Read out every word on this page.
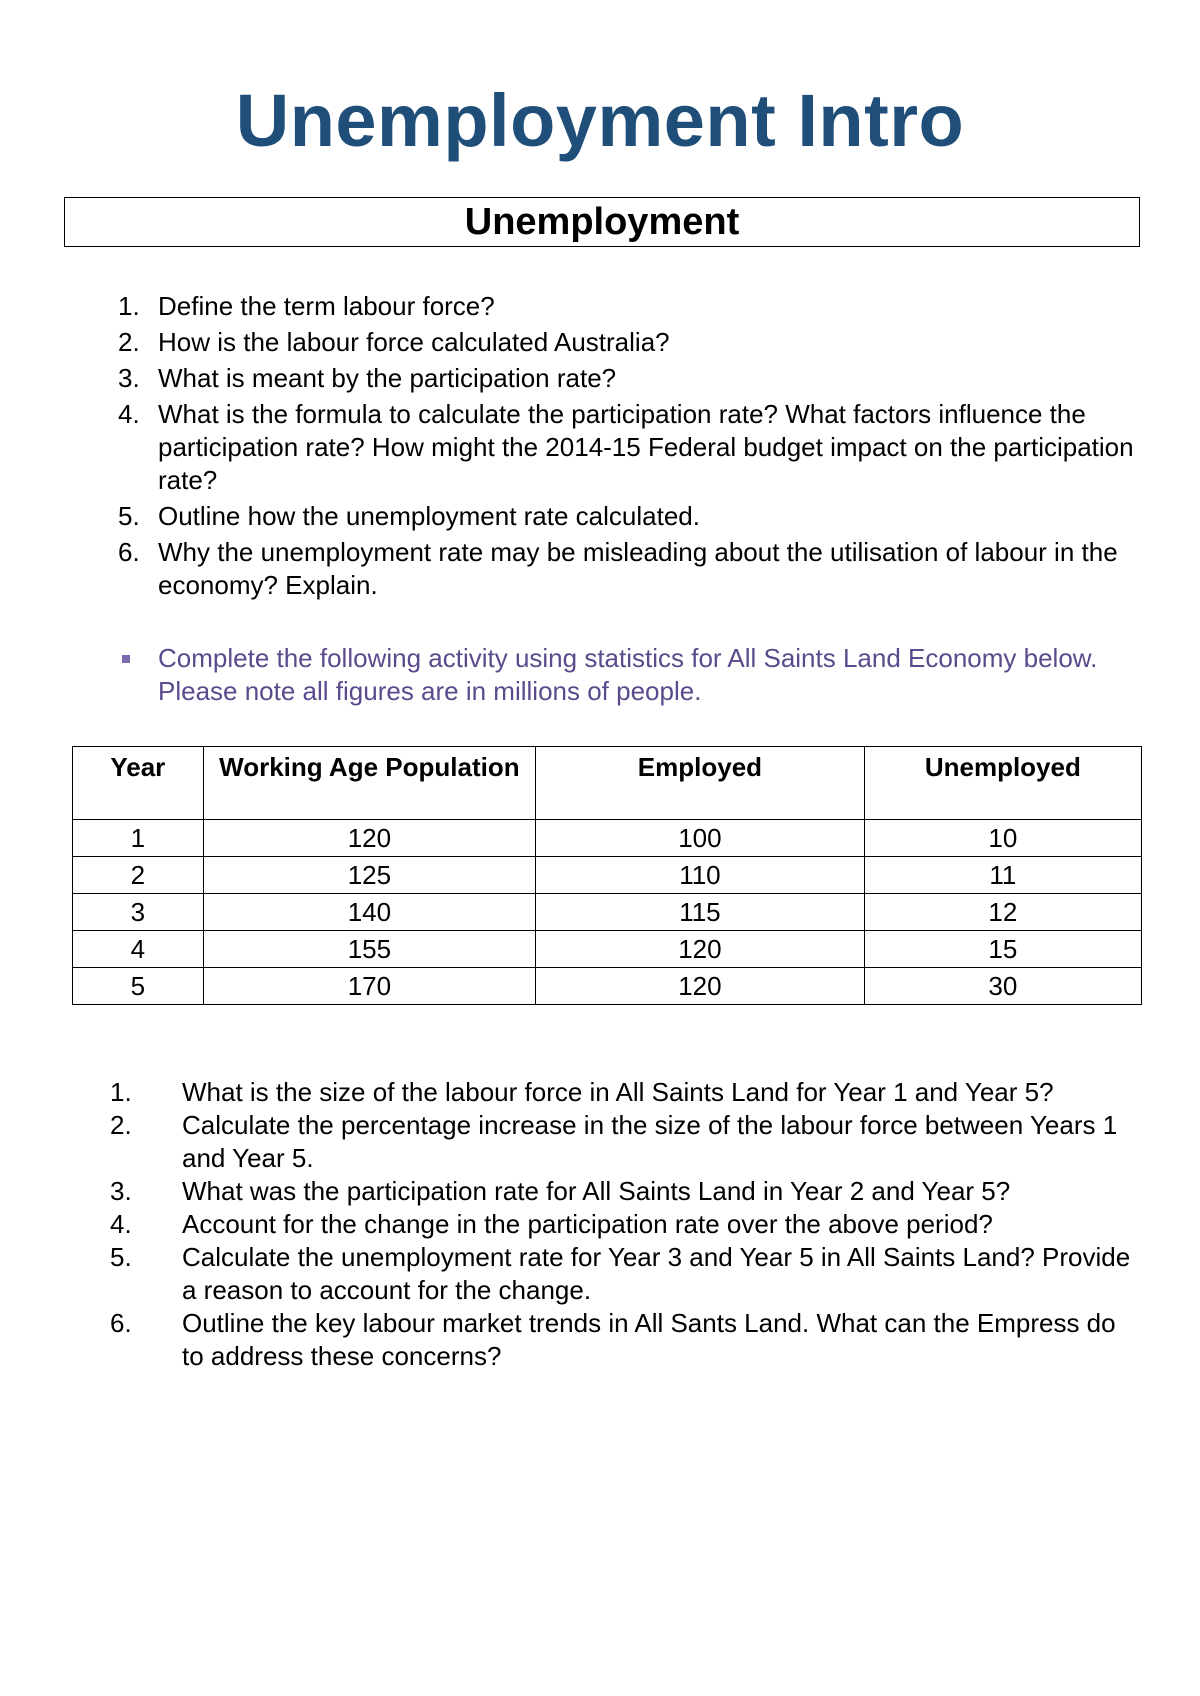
Unemployment Intro
Unemployment
1. Define the term labour force?
2. How is the labour force calculated Australia?
3. What is meant by the participation rate?
4. What is the formula to calculate the participation rate? What factors influence the participation rate? How might the 2014-15 Federal budget impact on the participation rate?
5. Outline how the unemployment rate calculated.
6. Why the unemployment rate may be misleading about the utilisation of labour in the economy? Explain.
Complete the following activity using statistics for All Saints Land Economy below. Please note all figures are in millions of people.
Year	Working Age Population	Employed	Unemployed
1	120	100	10
2	125	110	11
3	140	115	12
4	155	120	15
5	170	120	30
1. What is the size of the labour force in All Saints Land for Year 1 and Year 5?
2. Calculate the percentage increase in the size of the labour force between Years 1 and Year 5.
3. What was the participation rate for All Saints Land in Year 2 and Year 5?
4. Account for the change in the participation rate over the above period?
5. Calculate the unemployment rate for Year 3 and Year 5 in All Saints Land? Provide a reason to account for the change.
6. Outline the key labour market trends in All Sants Land. What can the Empress do to address these concerns?
